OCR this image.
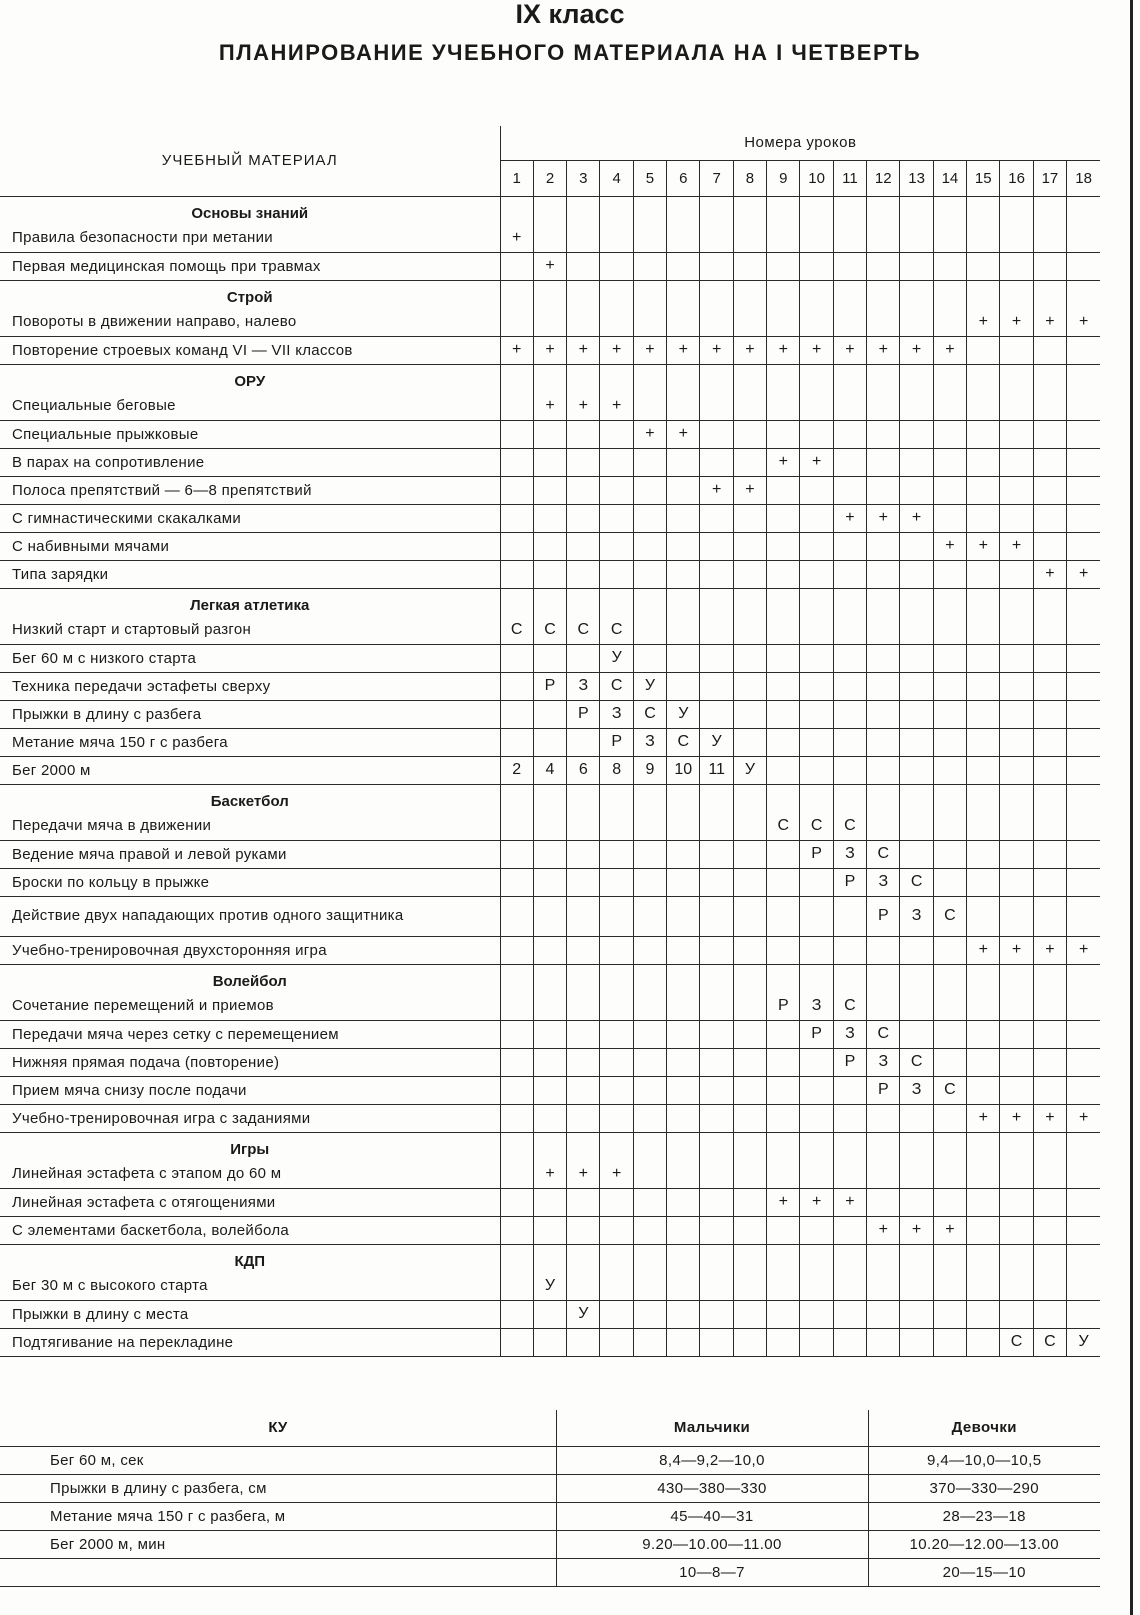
IX класс
ПЛАНИРОВАНИЕ УЧЕБНОГО МАТЕРИАЛА НА I ЧЕТВЕРТЬ
УЧЕБНЫЙ МАТЕРИАЛ	Номера уроков																	
	1	2	3	4	5	6	7	8	9	10	11	12	13	14	15	16	17	18
Основы знаний																		
Правила безопасности при метании	+																	
Первая медицинская помощь при травмах		+																
Строй																		
Повороты в движении направо, налево															+	+	+	+
Повторение строевых команд VI — VII классов	+	+	+	+	+	+	+	+	+	+	+	+	+	+				
ОРУ																		
Специальные беговые		+	+	+														
Специальные прыжковые					+	+												
В парах на сопротивление									+	+								
Полоса препятствий — 6—8 препятствий							+	+										
С гимнастическими скакалками											+	+	+					
С набивными мячами														+	+	+		
Типа зарядки																	+	+
Легкая атлетика																		
Низкий старт и стартовый разгон	С	С	С	С														
Бег 60 м с низкого старта				У														
Техника передачи эстафеты сверху		Р	З	С	У													
Прыжки в длину с разбега			Р	З	С	У												
Метание мяча 150 г с разбега				Р	З	С	У											
Бег 2000 м	2	4	6	8	9	10	11	У										
Баскетбол																		
Передачи мяча в движении									С	С	С							
Ведение мяча правой и левой руками										Р	З	С						
Броски по кольцу в прыжке											Р	З	С					
Действие двух нападающих против одного защитника												Р	З	С				
Учебно-тренировочная двухсторонняя игра															+	+	+	+
Волейбол																		
Сочетание перемещений и приемов									Р	З	С							
Передачи мяча через сетку с перемещением										Р	З	С						
Нижняя прямая подача (повторение)											Р	З	С					
Прием мяча снизу после подачи												Р	З	С				
Учебно-тренировочная игра с заданиями															+	+	+	+
Игры																		
Линейная эстафета с этапом до 60 м		+	+	+														
Линейная эстафета с отягощениями									+	+	+							
С элементами баскетбола, волейбола												+	+	+				
КДП																		
Бег 30 м с высокого старта		У																
Прыжки в длину с места			У															
Подтягивание на перекладине																С	С	У
КУ	Мальчики	Девочки
Бег 60 м, сек	8,4—9,2—10,0	9,4—10,0—10,5
Прыжки в длину с разбега, см	430—380—330	370—330—290
Метание мяча 150 г с разбега, м	45—40—31	28—23—18
Бег 2000 м, мин	9.20—10.00—11.00	10.20—12.00—13.00
	10—8—7	20—15—10
